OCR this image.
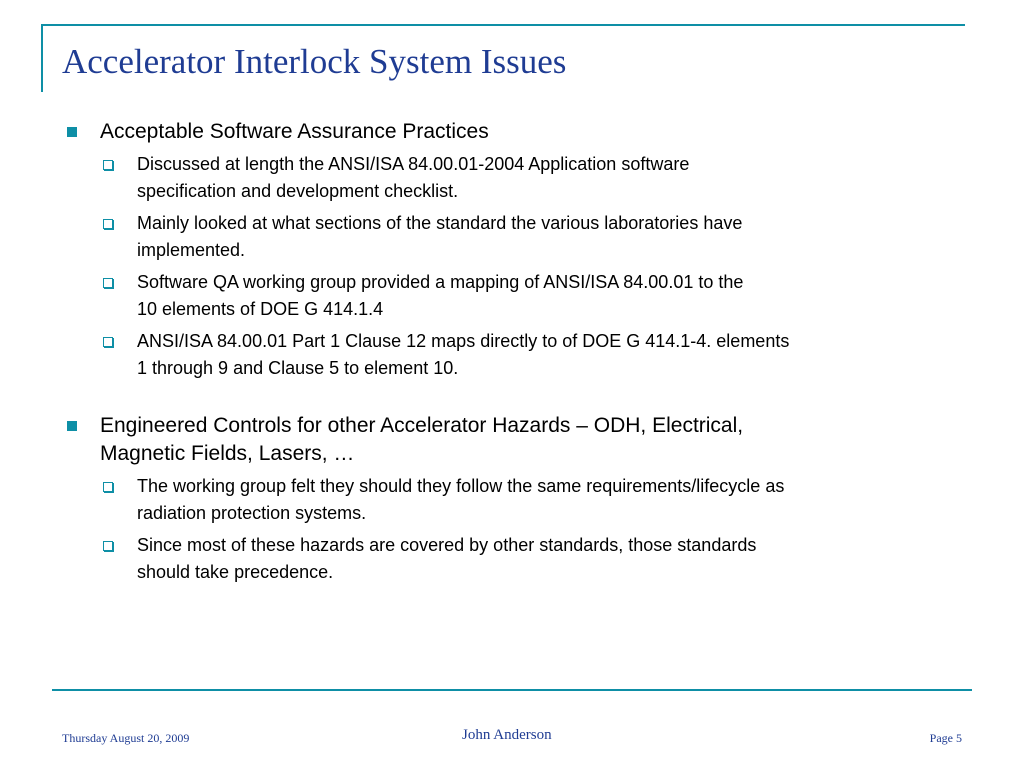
Accelerator Interlock System Issues
Acceptable Software Assurance Practices
Discussed at length the ANSI/ISA 84.00.01-2004 Application software
specification and development checklist.
Mainly looked at what sections of the standard the various laboratories have
implemented.
Software QA working group provided a mapping of ANSI/ISA 84.00.01 to the
10 elements of DOE G 414.1.4
ANSI/ISA 84.00.01 Part 1 Clause 12 maps directly to of DOE G 414.1-4. elements
1 through 9 and Clause 5 to element 10.
Engineered Controls for other Accelerator Hazards – ODH, Electrical,
Magnetic Fields, Lasers, …
The working group felt they should they follow the same requirements/lifecycle as
radiation protection systems.
Since most of these hazards are covered by other standards, those standards
should take precedence.
Thursday August 20, 2009	John Anderson	Page 5
